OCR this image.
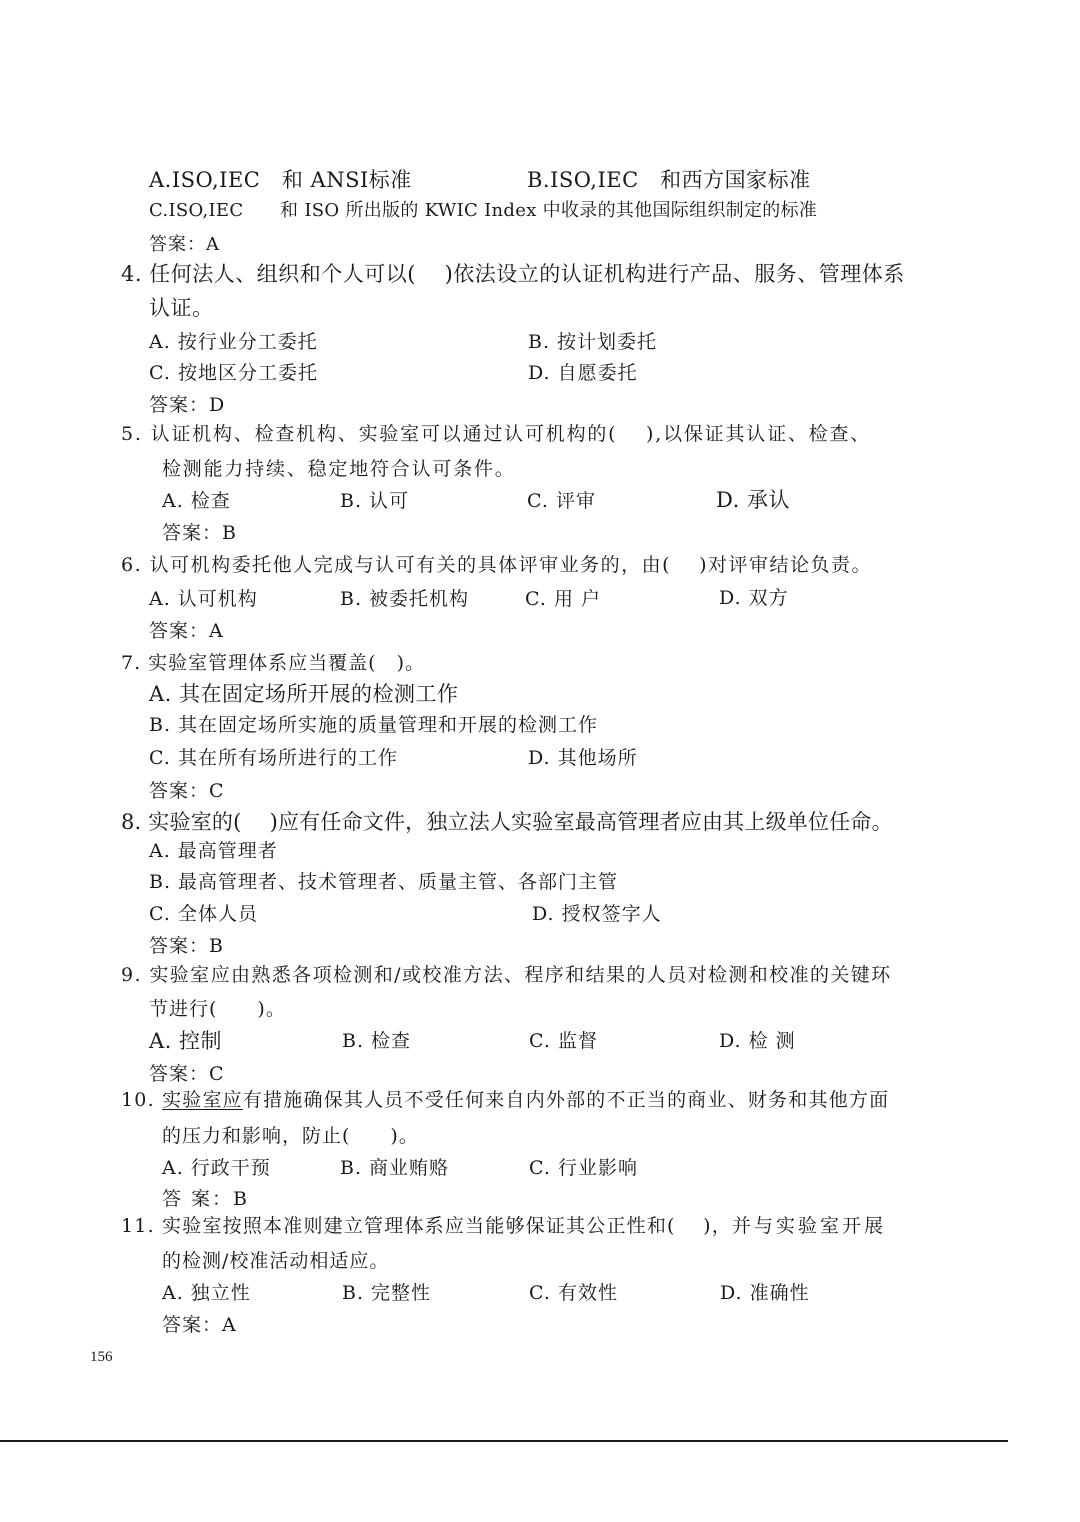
A.ISO,IEC　和 ANSI标准	B.ISO,IEC　和西方国家标准
C.ISO,IEC　　和 ISO 所出版的 KWIC Index 中收录的其他国际组织制定的标准
答案：A
4. 任何法人、组织和个人可以(　 )依法设立的认证机构进行产品、服务、管理体系
认证。
A. 按行业分工委托	B. 按计划委托
C. 按地区分工委托	D. 自愿委托
答案：D
5. 认证机构、检查机构、实验室可以通过认可机构的(　 ),以保证其认证、检查、
检测能力持续、稳定地符合认可条件。
A. 检查	B. 认可	C. 评审	D. 承认
答案：B
6. 认可机构委托他人完成与认可有关的具体评审业务的，由(　 )对评审结论负责。
A. 认可机构	B. 被委托机构	C. 用 户	D. 双方
答案：A
7. 实验室管理体系应当覆盖(　)。
A. 其在固定场所开展的检测工作
B. 其在固定场所实施的质量管理和开展的检测工作
C. 其在所有场所进行的工作	D. 其他场所
答案：C
8. 实验室的(　 )应有任命文件，独立法人实验室最高管理者应由其上级单位任命。
A. 最高管理者
B. 最高管理者、技术管理者、质量主管、各部门主管
C. 全体人员	D. 授权签字人
答案：B
9. 实验室应由熟悉各项检测和/或校准方法、程序和结果的人员对检测和校准的关键环
节进行(　　)。
A. 控制	B. 检查	C. 监督	D. 检 测
答案：C
10. 实验室应有措施确保其人员不受任何来自内外部的不正当的商业、财务和其他方面
的压力和影响，防止(　　)。
A. 行政干预	B. 商业贿赂	C. 行业影响
答 案：B
11. 实验室按照本准则建立管理体系应当能够保证其公正性和(　 )，并与实验室开展
的检测/校准活动相适应。
A. 独立性	B. 完整性	C. 有效性	D. 准确性
答案：A
156
